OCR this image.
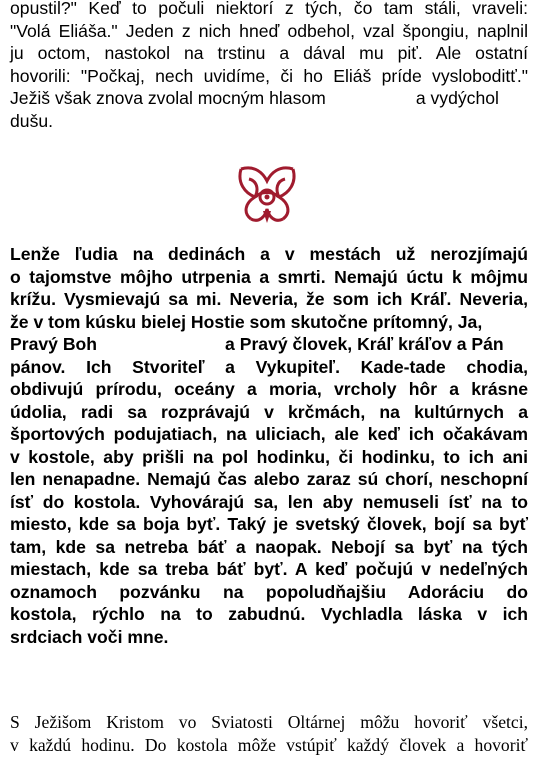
opustil?" Keď to počuli niektorí z tých, čo tam stáli, vraveli:
"Volá Eliáša." Jeden z nich hneď odbehol, vzal špongiu, naplnil
ju octom, nastokol na trstinu a dával mu piť. Ale ostatní
hovorili: "Počkaj, nech uvidíme, či ho Eliáš príde vysloboditť."
Ježiš však znova zvolal mocným hlasom	a vydýchol
dušu.
Lenže ľudia na dedinách a v mestách už nerozjímajú
o tajomstve môjho utrpenia a smrti. Nemajú úctu k môjmu
krížu. Vysmievajú sa mi. Neveria, že som ich Kráľ. Neveria,
že v tom kúsku bielej Hostie som skutočne prítomný, Ja,
Pravý Boh	a Pravý človek, Kráľ kráľov a Pán
pánov. Ich Stvoriteľ a Vykupiteľ. Kade-tade chodia,
obdivujú prírodu, oceány a moria, vrcholy hôr a krásne
údolia, radi sa rozprávajú v krčmách, na kultúrnych a
športových podujatiach, na uliciach, ale keď ich očakávam
v kostole, aby prišli na pol hodinku, či hodinku, to ich ani
len nenapadne. Nemajú čas alebo zaraz sú chorí, neschopní
ísť do kostola. Vyhovárajú sa, len aby nemuseli ísť na to
miesto, kde sa boja byť. Taký je svetský človek, bojí sa byť
tam, kde sa netreba báť a naopak. Nebojí sa byť na tých
miestach, kde sa treba báť byť. A keď počujú v nedeľných
oznamoch pozvánku na popoludňajšiu Adoráciu do
kostola, rýchlo na to zabudnú. Vychladla láska v ich
srdciach voči mne.
S Ježišom Kristom vo Sviatosti Oltárnej môžu hovoriť všetci,
v každú hodinu. Do kostola môže vstúpiť každý človek a hovoriť
